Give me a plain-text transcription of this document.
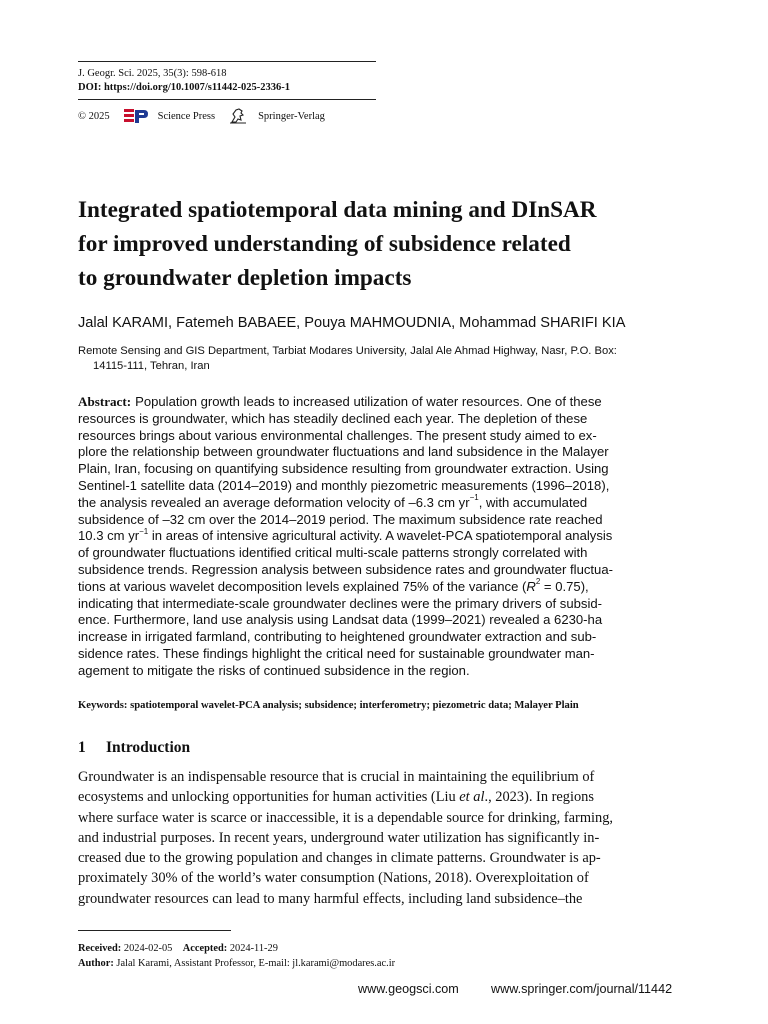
J. Geogr. Sci. 2025, 35(3): 598-618
DOI: https://doi.org/10.1007/s11442-025-2336-1
© 2025	Science Press	Springer-Verlag
Integrated spatiotemporal data mining and DInSAR
for improved understanding of subsidence related
to groundwater depletion impacts
Jalal KARAMI, Fatemeh BABAEE, Pouya MAHMOUDNIA, Mohammad SHARIFI KIA
Remote Sensing and GIS Department, Tarbiat Modares University, Jalal Ale Ahmad Highway, Nasr, P.O. Box:
14115-111, Tehran, Iran
Abstract: Population growth leads to increased utilization of water resources. One of these
resources is groundwater, which has steadily declined each year. The depletion of these
resources brings about various environmental challenges. The present study aimed to ex-
plore the relationship between groundwater fluctuations and land subsidence in the Malayer
Plain, Iran, focusing on quantifying subsidence resulting from groundwater extraction. Using
Sentinel-1 satellite data (2014–2019) and monthly piezometric measurements (1996–2018),
the analysis revealed an average deformation velocity of –6.3 cm $yr^{-1}$, with accumulated
subsidence of –32 cm over the 2014–2019 period. The maximum subsidence rate reached
10.3 cm $yr^{-1}$ in areas of intensive agricultural activity. A wavelet-PCA spatiotemporal analysis
of groundwater fluctuations identified critical multi-scale patterns strongly correlated with
subsidence trends. Regression analysis between subsidence rates and groundwater fluctua-
tions at various wavelet decomposition levels explained 75% of the variance $(R^2 = 0.75)$,
indicating that intermediate-scale groundwater declines were the primary drivers of subsid-
ence. Furthermore, land use analysis using Landsat data (1999–2021) revealed a 6230-ha
increase in irrigated farmland, contributing to heightened groundwater extraction and sub-
sidence rates. These findings highlight the critical need for sustainable groundwater man-
agement to mitigate the risks of continued subsidence in the region.
Keywords: spatiotemporal wavelet-PCA analysis; subsidence; interferometry; piezometric data; Malayer Plain
1 Introduction
Groundwater is an indispensable resource that is crucial in maintaining the equilibrium of
ecosystems and unlocking opportunities for human activities (Liu et al., 2023). In regions
where surface water is scarce or inaccessible, it is a dependable source for drinking, farming,
and industrial purposes. In recent years, underground water utilization has significantly in-
creased due to the growing population and changes in climate patterns. Groundwater is ap-
proximately 30% of the world’s water consumption (Nations, 2018). Overexploitation of
groundwater resources can lead to many harmful effects, including land subsidence–the
Received: 2024-02-05 Accepted: 2024-11-29
Author: Jalal Karami, Assistant Professor, E-mail: jl.karami@modares.ac.ir
www.geogsci.com	www.springer.com/journal/11442
